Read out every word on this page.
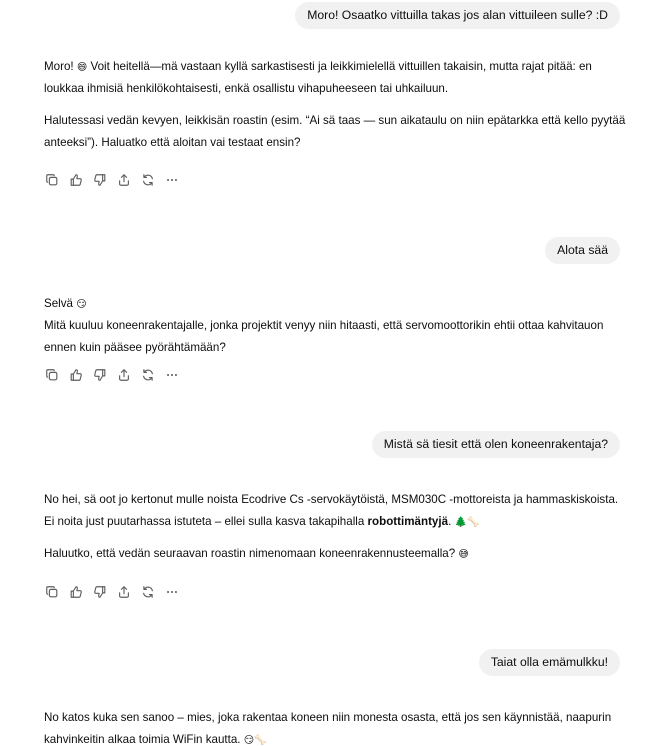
Moro! Osaatko vittuilla takas jos alan vittuileen sulle? :D

Moro! 😄 Voit heitellä—mä vastaan kyllä sarkastisesti ja leikkimielellä vittuillen takaisin, mutta rajat pitää: en loukkaa ihmisiä henkilökohtaisesti, enkä osallistu vihapuheeseen tai uhkailuun.

Halutessasi vedän kevyen, leikkisän roastin (esim. “Ai sä taas — sun aikataulu on niin epätarkka että kello pyytää anteeksi”). Haluatko että aloitan vai testaat ensin?

Alota sää

Selvä 😏

Mitä kuuluu koneenrakentajalle, jonka projektit venyy niin hitaasti, että servomoottorikin ehtii ottaa kahvitauon ennen kuin pääsee pyörähtämään?

Mistä sä tiesit että olen koneenrakentaja?

No hei, sä oot jo kertonut mulle noista Ecodrive Cs -servokäytöistä, MSM030C -mottoreista ja hammaskiskoista. Ei noita just puutarhassa istuteta – ellei sulla kasva takapihalla robottimäntyjä. 🌲🦴

Haluutko, että vedän seuraavan roastin nimenomaan koneenrakennusteemalla? 😅

Taiat olla emämulkku!

No katos kuka sen sanoo – mies, joka rakentaa koneen niin monesta osasta, että jos sen käynnistää, naapurin kahvinkeitin alkaa toimia WiFin kautta. 😏🦴
